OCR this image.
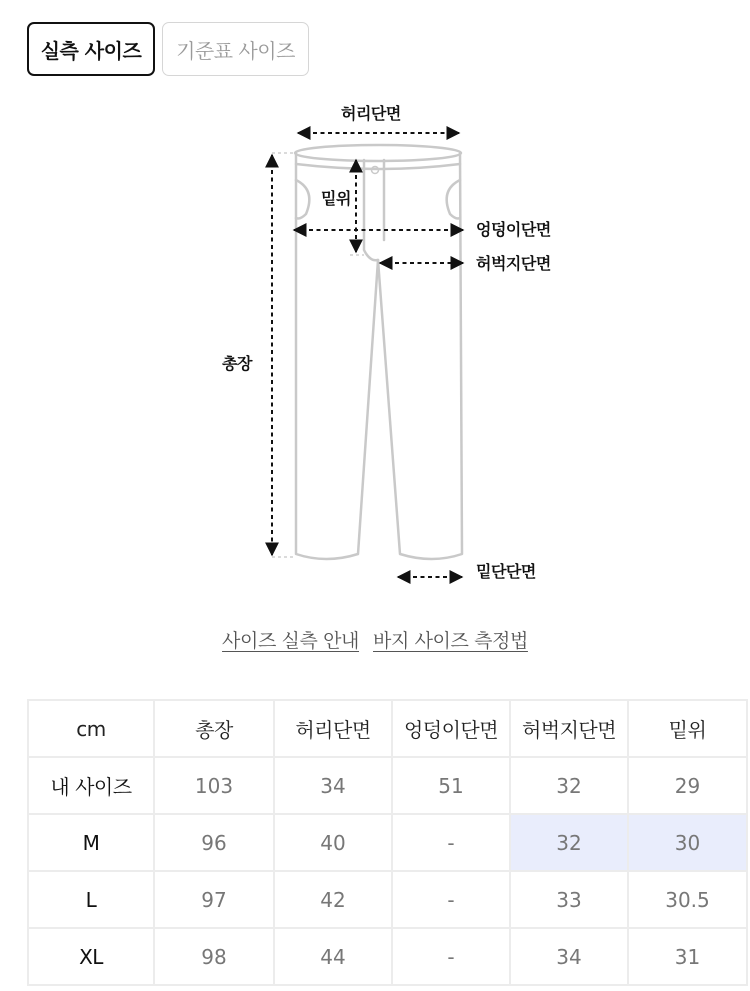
실측 사이즈	기준표 사이즈
허리단면
밑위
엉덩이단면
허벅지단면
총장
밑단단면
사이즈 실측 안내 바지 사이즈 측정법
cm	총장	허리단면	엉덩이단면	허벅지단면	밑위
내 사이즈	103	34	51	32	29
M	96	40	-	32	30
L	97	42	-	33	30.5
XL	98	44	-	34	31
